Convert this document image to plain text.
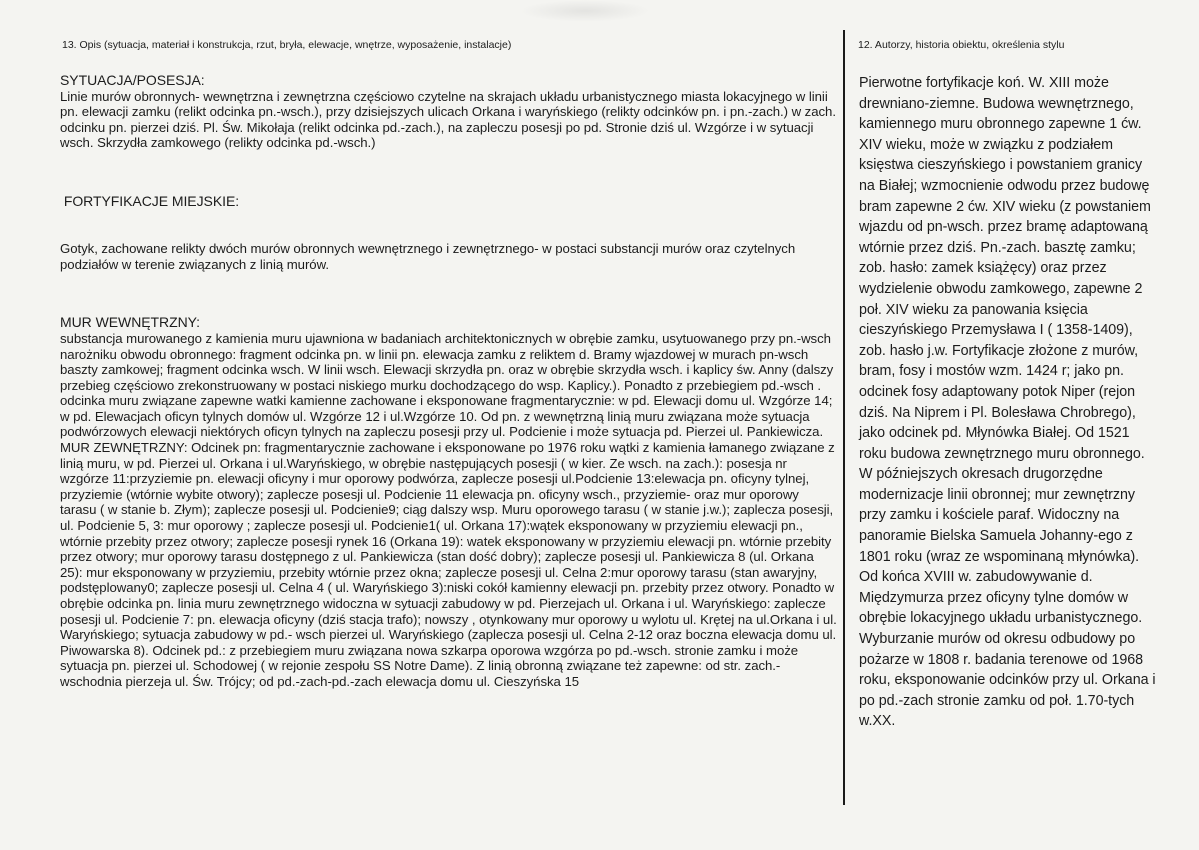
13. Opis (sytuacja, materiał i konstrukcja, rzut, bryła, elewacje, wnętrze, wyposażenie, instalacje)
SYTUACJA/POSESJA:

Linie murów obronnych- wewnętrzna i zewnętrzna częściowo czytelne na skrajach układu urbanistycznego miasta lokacyjnego w linii pn. elewacji zamku (relikt odcinka pn.-wsch.), przy dzisiejszych ulicach Orkana i waryńskiego (relikty odcinków pn. i pn.-zach.) w zach. odcinku pn. pierzei dziś. Pl. Św. Mikołaja (relikt odcinka pd.-zach.), na zapleczu posesji po pd. Stronie dziś ul. Wzgórze i w sytuacji wsch. Skrzydła zamkowego (relikty odcinka pd.-wsch.)

FORTYFIKACJE MIEJSKIE:

Gotyk, zachowane relikty dwóch murów obronnych wewnętrznego i zewnętrznego- w postaci substancji murów oraz czytelnych podziałów w terenie związanych z linią murów.

MUR WEWNĘTRZNY:

substancja murowanego z kamienia muru ujawniona w badaniach architektonicznych w obrębie zamku, usytuowanego przy pn.-wsch narożniku obwodu obronnego: fragment odcinka pn. w linii pn. elewacja zamku z reliktem d. Bramy wjazdowej w murach pn-wsch baszty zamkowej; fragment odcinka wsch. W linii wsch. Elewacji skrzydła pn. oraz w obrębie skrzydła wsch. i kaplicy św. Anny (dalszy przebieg częściowo zrekonstruowany w postaci niskiego murku dochodzącego do wsp. Kaplicy.). Ponadto z przebiegiem pd.-wsch . odcinka muru związane zapewne watki kamienne zachowane i eksponowane fragmentarycznie: w pd. Elewacji domu ul. Wzgórze 14; w pd. Elewacjach oficyn tylnych domów ul. Wzgórze 12 i ul.Wzgórze 10. Od pn. z wewnętrzną linią muru związana może sytuacja podwórzowych elewacji niektórych oficyn tylnych na zapleczu posesji przy ul. Podcienie i może sytuacja pd. Pierzei ul. Pankiewicza.

MUR ZEWNĘTRZNY: Odcinek pn: fragmentarycznie zachowane i eksponowane po 1976 roku wątki z kamienia łamanego związane z linią muru, w pd. Pierzei ul. Orkana i ul.Waryńskiego, w obrębie następujących posesji ( w kier. Ze wsch. na zach.): posesja nr wzgórze 11:przyziemie pn. elewacji oficyny i mur oporowy podwórza, zaplecze posesji ul.Podcienie 13:elewacja pn. oficyny tylnej, przyziemie (wtórnie wybite otwory); zaplecze posesji ul. Podcienie 11 elewacja pn. oficyny wsch., przyziemie- oraz mur oporowy tarasu ( w stanie b. Złym); zaplecze posesji ul. Podcienie9; ciąg dalszy wsp. Muru oporowego tarasu ( w stanie j.w.); zaplecza posesji, ul. Podcienie 5, 3: mur oporowy ; zaplecze posesji ul. Podcienie1( ul. Orkana 17):wątek eksponowany w przyziemiu elewacji pn., wtórnie przebity przez otwory; zaplecze posesji rynek 16 (Orkana 19): watek eksponowany w przyziemiu elewacji pn. wtórnie przebity przez otwory; mur oporowy tarasu dostępnego z ul. Pankiewicza (stan dość dobry); zaplecze posesji ul. Pankiewicza 8 (ul. Orkana 25): mur eksponowany w przyziemiu, przebity wtórnie przez okna; zaplecze posesji ul. Celna 2:mur oporowy tarasu (stan awaryjny, podstęplowany0; zaplecze posesji ul. Celna 4 ( ul. Waryńskiego 3):niski cokół kamienny elewacji pn. przebity przez otwory. Ponadto w obrębie odcinka pn. linia muru zewnętrznego widoczna w sytuacji zabudowy w pd. Pierzejach ul. Orkana i ul. Waryńskiego: zaplecze posesji ul. Podcienie 7: pn. elewacja oficyny (dziś stacja trafo); nowszy , otynkowany mur oporowy u wylotu ul. Krętej na ul.Orkana i ul. Waryńskiego; sytuacja zabudowy w pd.- wsch pierzei ul. Waryńskiego (zaplecza posesji ul. Celna 2-12 oraz boczna elewacja domu ul. Piwowarska 8). Odcinek pd.: z przebiegiem muru związana nowa szkarpa oporowa wzgórza po pd.-wsch. stronie zamku i może sytuacja pn. pierzei ul. Schodowej ( w rejonie zespołu SS Notre Dame). Z linią obronną związane też zapewne: od str. zach.- wschodnia pierzeja ul. Św. Trójcy; od pd.-zach-pd.-zach elewacja domu ul. Cieszyńska 15

12. Autorzy, historia obiektu, określenia stylu

Pierwotne fortyfikacje koń. W. XIII może drewniano-ziemne. Budowa wewnętrznego, kamiennego muru obronnego zapewne 1 ćw. XIV wieku, może w związku z podziałem księstwa cieszyńskiego i powstaniem granicy na Białej; wzmocnienie odwodu przez budowę bram zapewne 2 ćw. XIV wieku (z powstaniem wjazdu od pn-wsch. przez bramę adaptowaną wtórnie przez dziś. Pn.-zach. basztę zamku; zob. hasło: zamek książęcy) oraz przez wydzielenie obwodu zamkowego, zapewne 2 poł. XIV wieku za panowania księcia cieszyńskiego Przemysława I ( 1358-1409), zob. hasło j.w. Fortyfikacje złożone z murów, bram, fosy i mostów wzm. 1424 r; jako pn. odcinek fosy adaptowany potok Niper (rejon dziś. Na Niprem i Pl. Bolesława Chrobrego), jako odcinek pd. Młynówka Białej. Od 1521 roku budowa zewnętrznego muru obronnego. W późniejszych okresach drugorzędne modernizacje linii obronnej; mur zewnętrzny przy zamku i kościele paraf. Widoczny na panoramie Bielska Samuela Johanny-ego z 1801 roku (wraz ze wspominaną młynówka). Od końca XVIII w. zabudowywanie d. Międzymurza przez oficyny tylne domów w obrębie lokacyjnego układu urbanistycznego. Wyburzanie murów od okresu odbudowy po pożarze w 1808 r. badania terenowe od 1968 roku, eksponowanie odcinków przy ul. Orkana i po pd.-zach stronie zamku od poł. 1.70-tych w.XX.
